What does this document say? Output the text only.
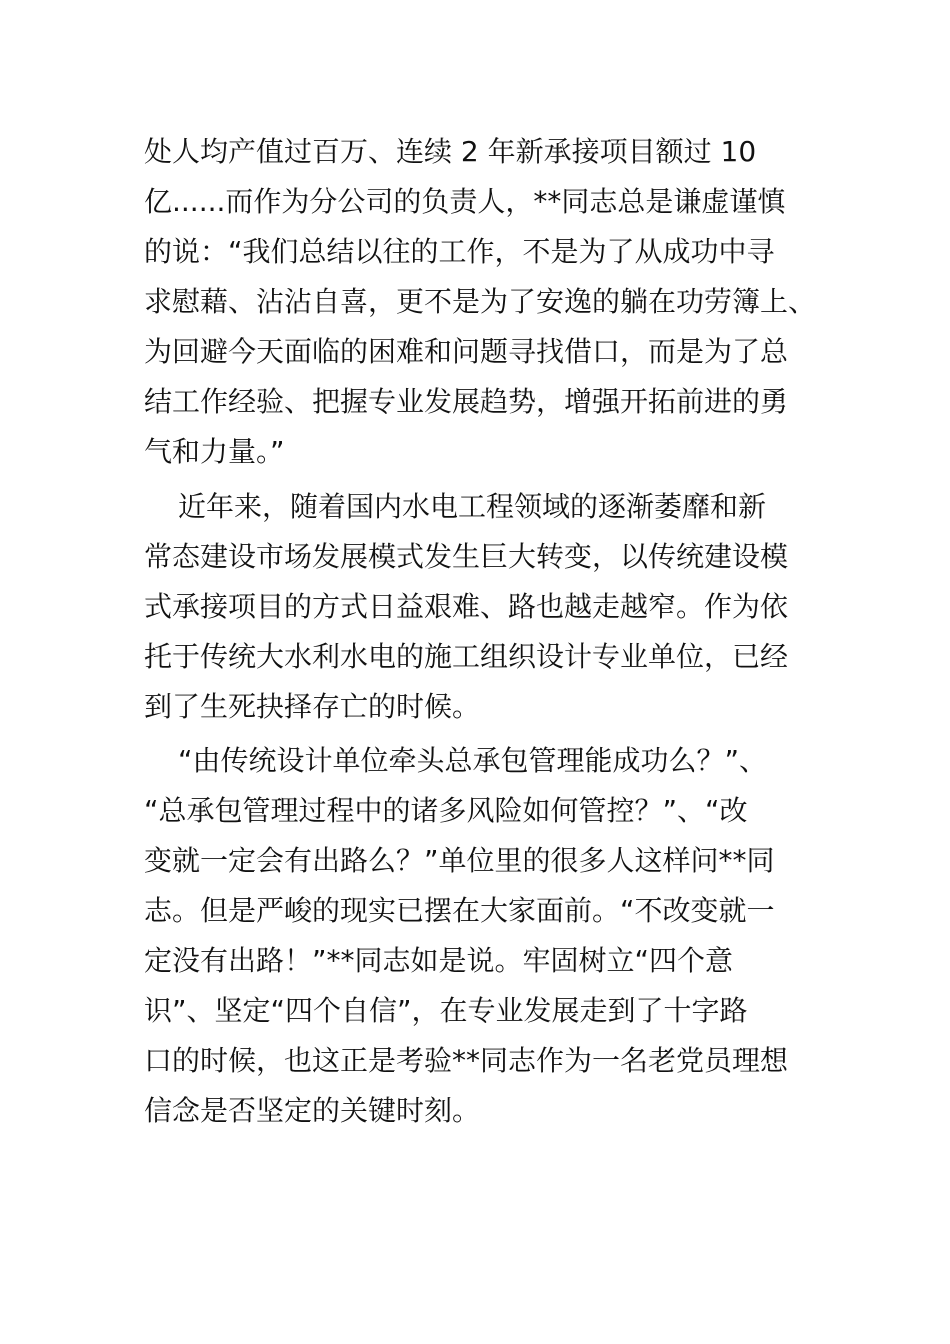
处人均产值过百万、连续 2 年新承接项目额过 10

亿......而作为分公司的负责人，**同志总是谦虚谨慎

的说：“我们总结以往的工作，不是为了从成功中寻

求慰藉、沾沾自喜，更不是为了安逸的躺在功劳簿上、

为回避今天面临的困难和问题寻找借口，而是为了总

结工作经验、把握专业发展趋势，增强开拓前进的勇

气和力量。”

近年来，随着国内水电工程领域的逐渐萎靡和新

常态建设市场发展模式发生巨大转变，以传统建设模

式承接项目的方式日益艰难、路也越走越窄。作为依

托于传统大水利水电的施工组织设计专业单位，已经

到了生死抉择存亡的时候。

“由传统设计单位牵头总承包管理能成功么？”、

“总承包管理过程中的诸多风险如何管控？”、“改

变就一定会有出路么？”单位里的很多人这样问**同

志。但是严峻的现实已摆在大家面前。“不改变就一

定没有出路！”**同志如是说。牢固树立“四个意

识”、坚定“四个自信”，在专业发展走到了十字路

口的时候，也这正是考验**同志作为一名老党员理想

信念是否坚定的关键时刻。
